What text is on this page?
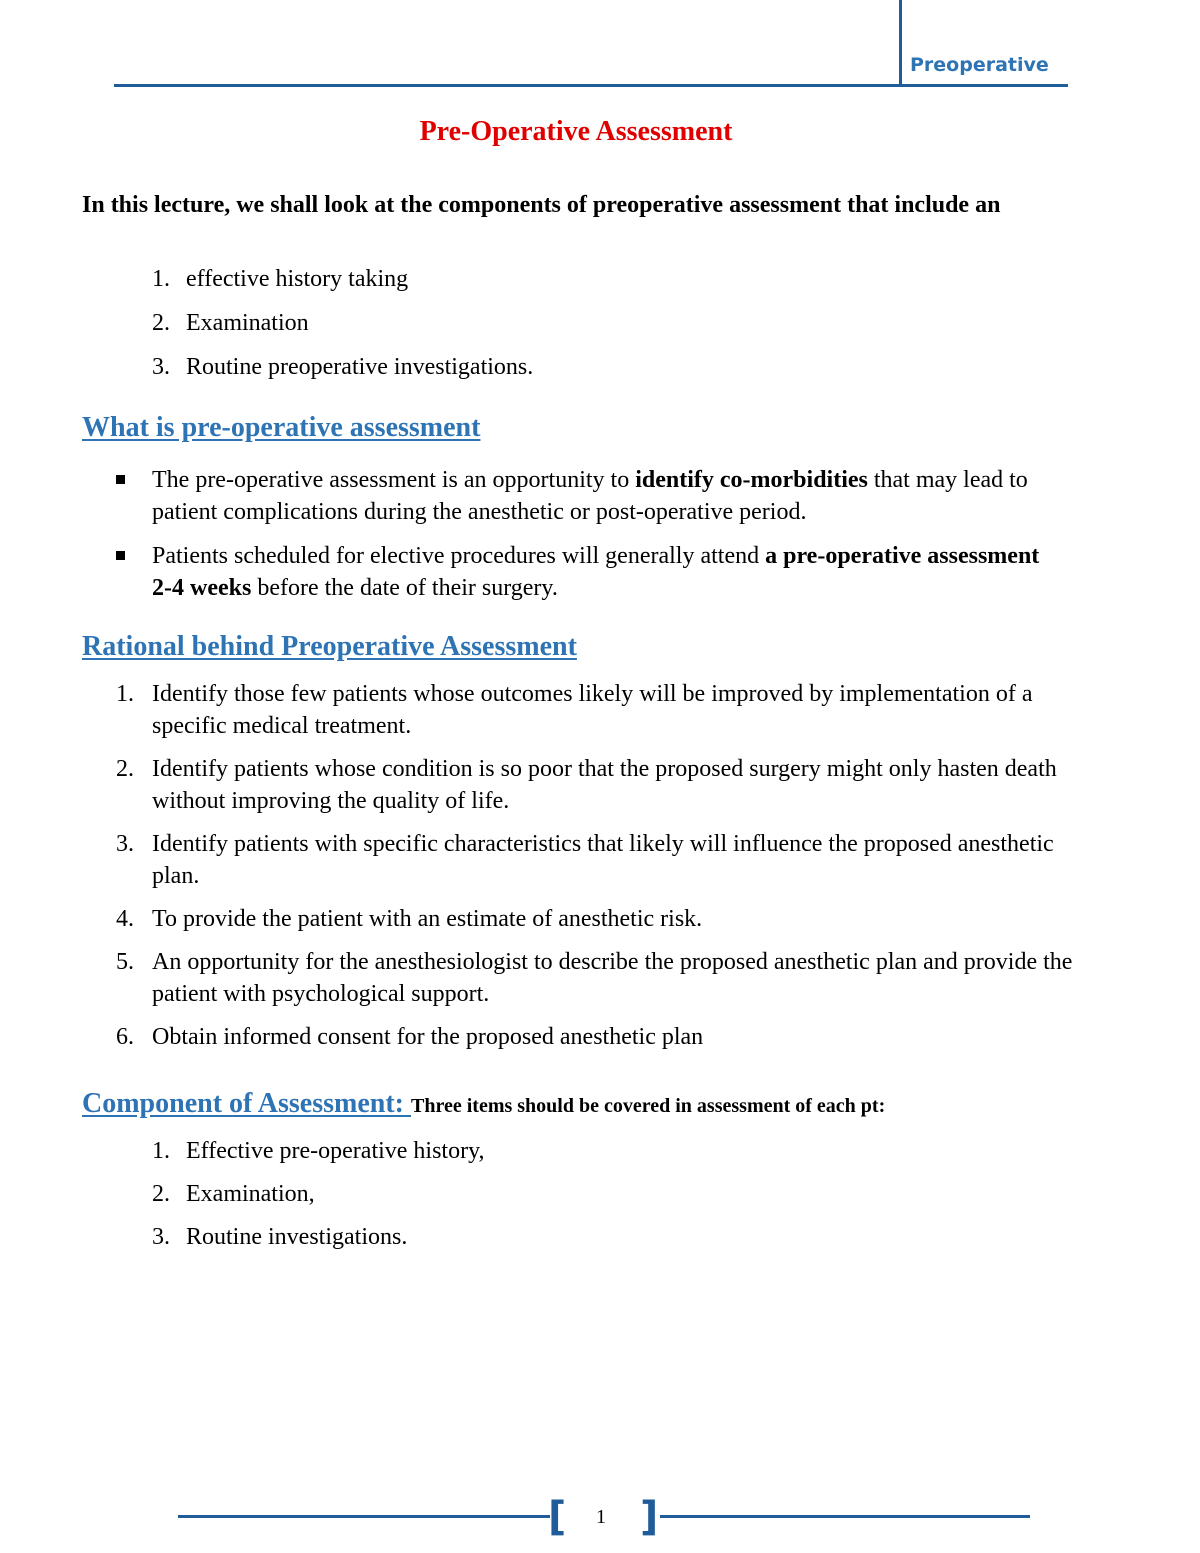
Preoperative
Pre-Operative Assessment
In this lecture, we shall look at the components of preoperative assessment that include an
1. effective history taking
2. Examination
3. Routine preoperative investigations.
What is pre-operative assessment
The pre-operative assessment is an opportunity to identify co-morbidities that may lead to patient complications during the anesthetic or post-operative period.
Patients scheduled for elective procedures will generally attend a pre-operative assessment 2-4 weeks before the date of their surgery.
Rational behind Preoperative Assessment
1. Identify those few patients whose outcomes likely will be improved by implementation of a specific medical treatment.
2. Identify patients whose condition is so poor that the proposed surgery might only hasten death without improving the quality of life.
3. Identify patients with specific characteristics that likely will influence the proposed anesthetic plan.
4. To provide the patient with an estimate of anesthetic risk.
5. An opportunity for the anesthesiologist to describe the proposed anesthetic plan and provide the patient with psychological support.
6. Obtain informed consent for the proposed anesthetic plan
Component of Assessment: Three items should be covered in assessment of each pt:
1. Effective pre-operative history,
2. Examination,
3. Routine investigations.
[ 1 ]
